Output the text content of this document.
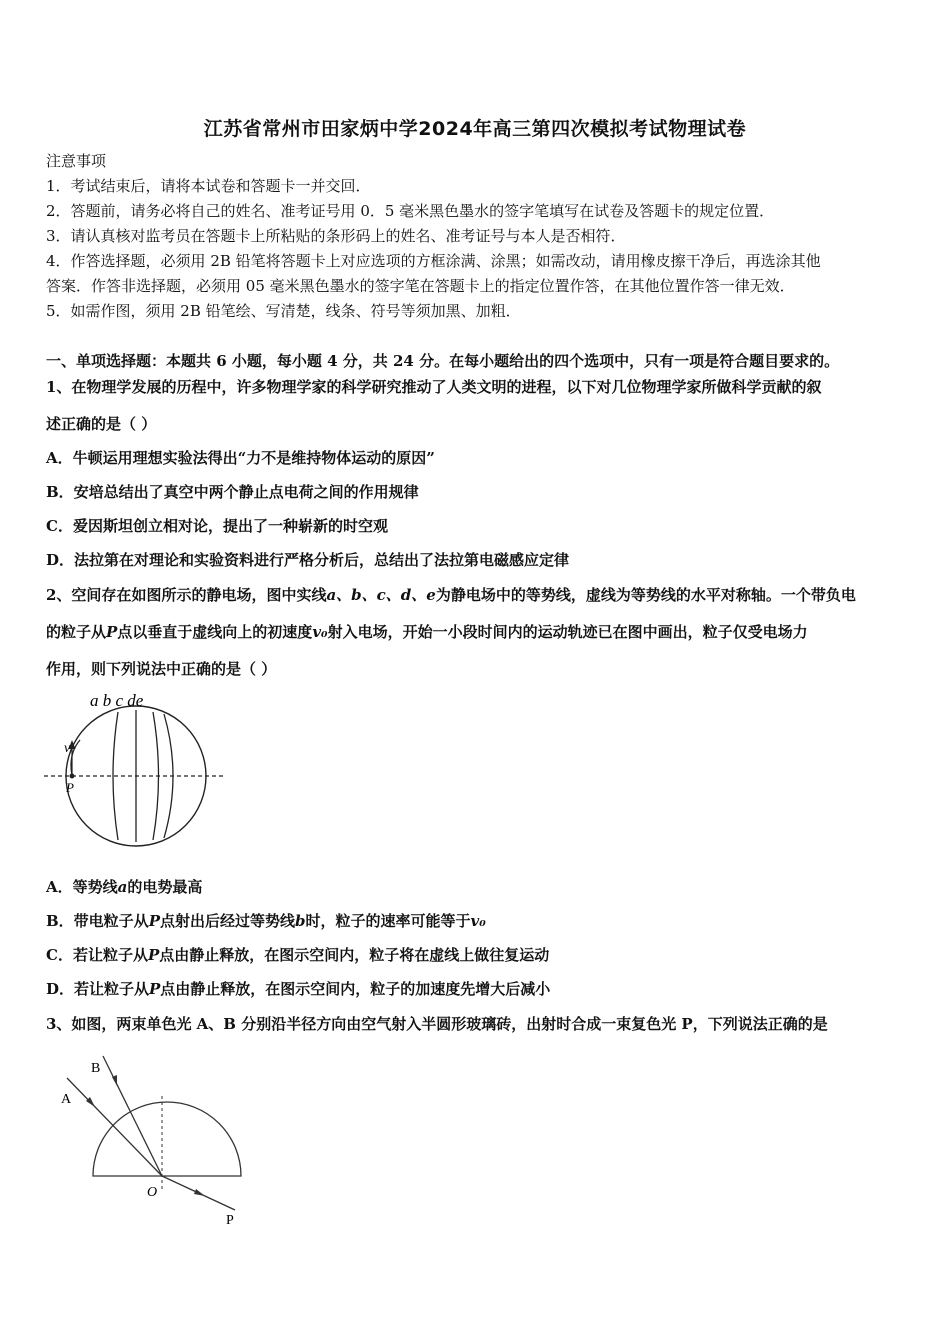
江苏省常州市田家炳中学2024年高三第四次模拟考试物理试卷
注意事项
1．考试结束后，请将本试卷和答题卡一并交回．
2．答题前，请务必将自己的姓名、准考证号用 0．5 毫米黑色墨水的签字笔填写在试卷及答题卡的规定位置．
3．请认真核对监考员在答题卡上所粘贴的条形码上的姓名、准考证号与本人是否相符．
4．作答选择题，必须用 2B 铅笔将答题卡上对应选项的方框涂满、涂黑；如需改动，请用橡皮擦干净后，再选涂其他
答案．作答非选择题，必须用 05 毫米黑色墨水的签字笔在答题卡上的指定位置作答，在其他位置作答一律无效．
5．如需作图，须用 2B 铅笔绘、写清楚，线条、符号等须加黑、加粗．
一、单项选择题：本题共 6 小题，每小题 4 分，共 24 分。在每小题给出的四个选项中，只有一项是符合题目要求的。
1、在物理学发展的历程中，许多物理学家的科学研究推动了人类文明的进程，以下对几位物理学家所做科学贡献的叙
述正确的是（ ）
A．牛顿运用理想实验法得出“力不是维持物体运动的原因”
B．安培总结出了真空中两个静止点电荷之间的作用规律
C．爱因斯坦创立相对论，提出了一种崭新的时空观
D．法拉第在对理论和实验资料进行严格分析后，总结出了法拉第电磁感应定律
2、空间存在如图所示的静电场，图中实线a、b、c、d、e为静电场中的等势线，虚线为等势线的水平对称轴。一个带负电
的粒子从P点以垂直于虚线向上的初速度v₀射入电场，开始一小段时间内的运动轨迹已在图中画出，粒子仅受电场力
作用，则下列说法中正确的是（ ）
a b c de
v
P
A．等势线a的电势最高
B．带电粒子从P点射出后经过等势线b时，粒子的速率可能等于v₀
C．若让粒子从P点由静止释放，在图示空间内，粒子将在虚线上做往复运动
D．若让粒子从P点由静止释放，在图示空间内，粒子的加速度先增大后减小
3、如图，两束单色光 A、B 分别沿半径方向由空气射入半圆形玻璃砖，出射时合成一束复色光 P，下列说法正确的是
A
B
O
P
